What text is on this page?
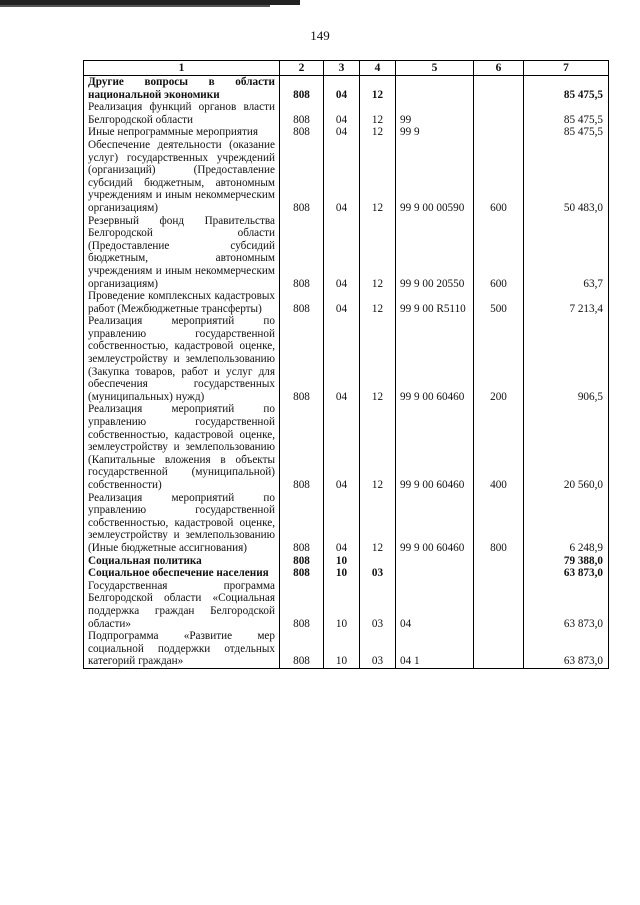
149
1	2	3	4	5	6	7
Другие вопросы в области национальной экономики	808	04	12			85 475,5
Реализация функций органов власти Белгородской области	808	04	12	99		85 475,5
Иные непрограммные мероприятия	808	04	12	99 9		85 475,5
Обеспечение деятельности (оказание услуг) государственных учреждений (организаций) (Предоставление субсидий бюджетным, автономным учреждениям и иным некоммерческим организациям)	808	04	12	99 9 00 00590	600	50 483,0
Резервный фонд Правительства Белгородской области (Предоставление субсидий бюджетным, автономным учреждениям и иным некоммерческим организациям)	808	04	12	99 9 00 20550	600	63,7
Проведение комплексных кадастровых работ (Межбюджетные трансферты)	808	04	12	99 9 00 R5110	500	7 213,4
Реализация мероприятий по управлению государственной собственностью, кадастровой оценке, землеустройству и землепользованию (Закупка товаров, работ и услуг для обеспечения государственных (муниципальных) нужд)	808	04	12	99 9 00 60460	200	906,5
Реализация мероприятий по управлению государственной собственностью, кадастровой оценке, землеустройству и землепользованию (Капитальные вложения в объекты государственной (муниципальной) собственности)	808	04	12	99 9 00 60460	400	20 560,0
Реализация мероприятий по управлению государственной собственностью, кадастровой оценке, землеустройству и землепользованию (Иные бюджетные ассигнования)	808	04	12	99 9 00 60460	800	6 248,9
Социальная политика	808	10				79 388,0
Социальное обеспечение населения	808	10	03			63 873,0
Государственная программа Белгородской области «Социальная поддержка граждан Белгородской области»	808	10	03	04		63 873,0
Подпрограмма «Развитие мер социальной поддержки отдельных категорий граждан»	808	10	03	04 1		63 873,0
